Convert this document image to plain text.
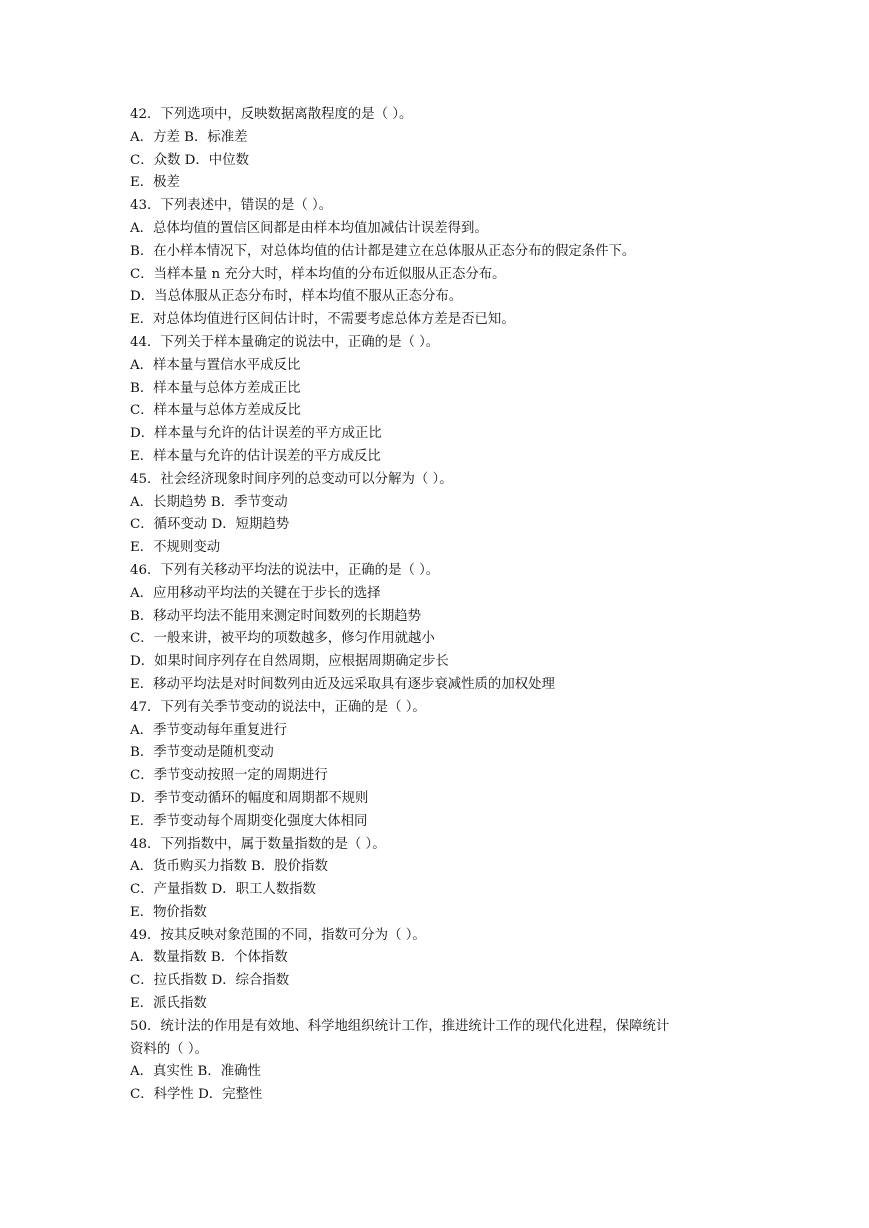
42．下列选项中，反映数据离散程度的是（ ）。
A．方差 B．标准差
C．众数 D．中位数
E．极差
43．下列表述中，错误的是（ ）。
A．总体均值的置信区间都是由样本均值加减估计误差得到。
B．在小样本情况下，对总体均值的估计都是建立在总体服从正态分布的假定条件下。
C．当样本量 n 充分大时，样本均值的分布近似服从正态分布。
D．当总体服从正态分布时，样本均值不服从正态分布。
E．对总体均值进行区间估计时，不需要考虑总体方差是否已知。
44．下列关于样本量确定的说法中，正确的是（ ）。
A．样本量与置信水平成反比
B．样本量与总体方差成正比
C．样本量与总体方差成反比
D．样本量与允许的估计误差的平方成正比
E．样本量与允许的估计误差的平方成反比
45．社会经济现象时间序列的总变动可以分解为（ ）。
A．长期趋势 B．季节变动
C．循环变动 D．短期趋势
E．不规则变动
46．下列有关移动平均法的说法中，正确的是（ ）。
A．应用移动平均法的关键在于步长的选择
B．移动平均法不能用来测定时间数列的长期趋势
C．一般来讲，被平均的项数越多，修匀作用就越小
D．如果时间序列存在自然周期，应根据周期确定步长
E．移动平均法是对时间数列由近及远采取具有逐步衰减性质的加权处理
47．下列有关季节变动的说法中，正确的是（ ）。
A．季节变动每年重复进行
B．季节变动是随机变动
C．季节变动按照一定的周期进行
D．季节变动循环的幅度和周期都不规则
E．季节变动每个周期变化强度大体相同
48．下列指数中，属于数量指数的是（ ）。
A．货币购买力指数 B．股价指数
C．产量指数 D．职工人数指数
E．物价指数
49．按其反映对象范围的不同，指数可分为（ ）。
A．数量指数 B．个体指数
C．拉氏指数 D．综合指数
E．派氏指数
50．统计法的作用是有效地、科学地组织统计工作，推进统计工作的现代化进程，保障统计
资料的（ ）。
A．真实性 B．准确性
C．科学性 D．完整性
